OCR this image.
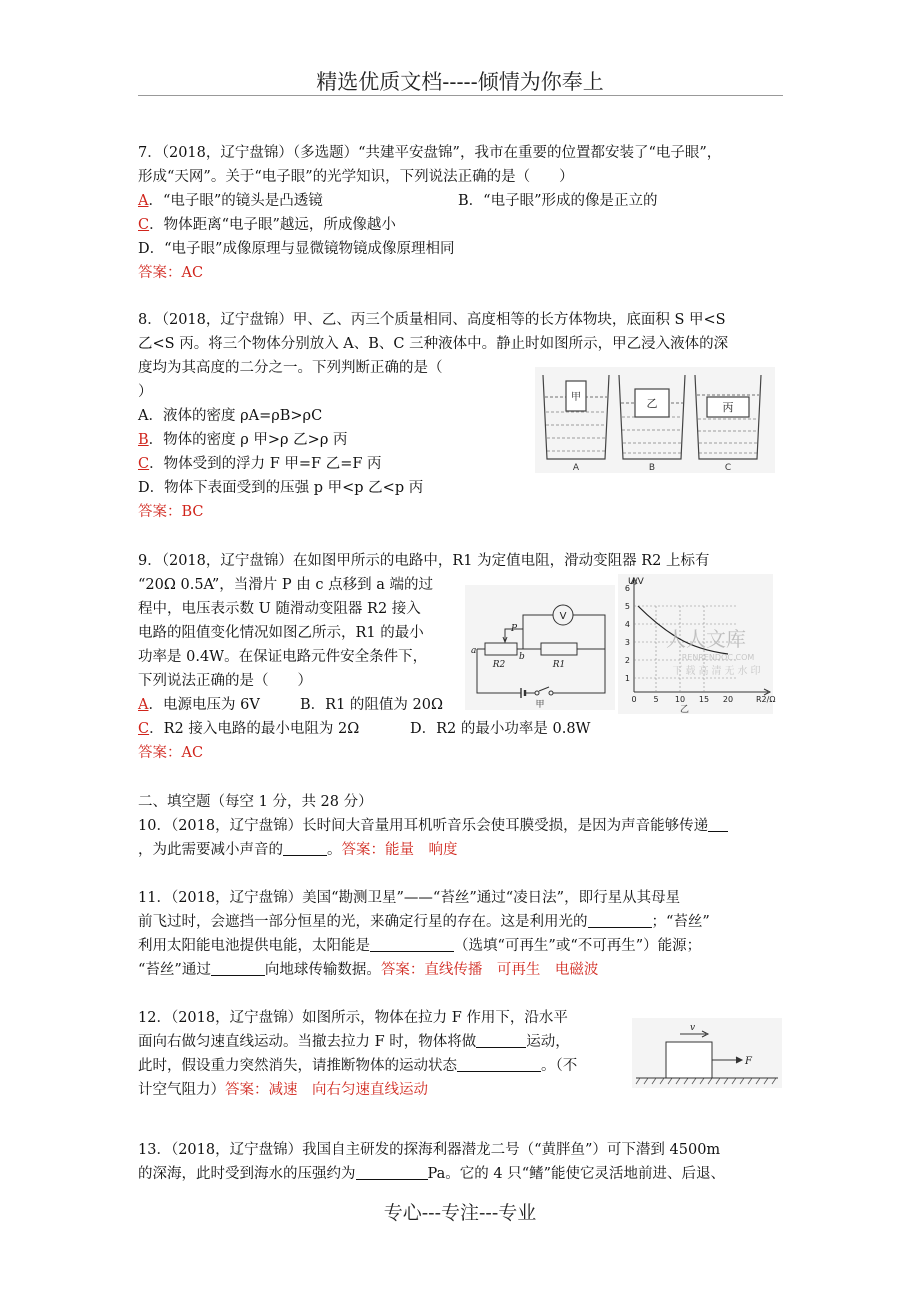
精选优质文档-----倾情为你奉上
7．（2018，辽宁盘锦）（多选题）“共建平安盘锦”，我市在重要的位置都安装了“电子眼”，
形成“天网”。关于“电子眼”的光学知识，下列说法正确的是（　　）
A．“电子眼”的镜头是凸透镜	B．“电子眼”形成的像是正立的
C．物体距离“电子眼”越远，所成像越小
D．“电子眼”成像原理与显微镜物镜成像原理相同
答案：AC
8．（2018，辽宁盘锦）甲、乙、丙三个质量相同、高度相等的长方体物块，底面积 S 甲<S
乙<S 丙。将三个物体分别放入 A、B、C 三种液体中。静止时如图所示，甲乙浸入液体的深
度均为其高度的二分之一。下列判断正确的是（
）
A．液体的密度 ρA=ρB>ρC
B．物体的密度 ρ 甲>ρ 乙>ρ 丙
C．物体受到的浮力 F 甲=F 乙=F 丙
D．物体下表面受到的压强 p 甲<p 乙<p 丙
答案：BC
甲	乙	丙
A	B	C
9．（2018，辽宁盘锦）在如图甲所示的电路中，R1 为定值电阻，滑动变阻器 R2 上标有
“20Ω 0.5A”，当滑片 P 由 c 点移到 a 端的过
程中，电压表示数 U 随滑动变阻器 R2 接入
电路的阻值变化情况如图乙所示，R1 的最小
功率是 0.4W。在保证电路元件安全条件下，
下列说法正确的是（　　）
A．电源电压为 6V	B．R1 的阻值为 20Ω
C．R2 接入电路的最小电阻为 2Ω	D．R2 的最小功率是 0.8W
答案：AC
V
R1
R2
P
a
b
甲
U/V
1
2
3
4
5
6
0 5 10 15 20	R2/Ω
乙
人人文库
RENRENDOC.COM
下载高清无水印
二、填空题（每空 1 分，共 28 分）
10．（2018，辽宁盘锦）长时间大音量用耳机听音乐会使耳膜受损，是因为声音能够传递
，为此需要减小声音的	。答案：能量　响度
11．（2018，辽宁盘锦）美国“勘测卫星”——“苔丝”通过“凌日法”，即行星从其母星
前飞过时，会遮挡一部分恒星的光，来确定行星的存在。这是利用光的	；“苔丝”
利用太阳能电池提供电能，太阳能是	（选填“可再生”或“不可再生”）能源；
“苔丝”通过	向地球传输数据。答案：直线传播　可再生　电磁波
12．（2018，辽宁盘锦）如图所示，物体在拉力 F 作用下，沿水平
面向右做匀速直线运动。当撤去拉力 F 时，物体将做	运动，
此时，假设重力突然消失，请推断物体的运动状态	。（不
计空气阻力）答案：减速　向右匀速直线运动
v
F
13．（2018，辽宁盘锦）我国自主研发的探海利器潜龙二号（“黄胖鱼”）可下潜到 4500m
的深海，此时受到海水的压强约为	Pa。它的 4 只“鳍”能使它灵活地前进、后退、
专心---专注---专业
